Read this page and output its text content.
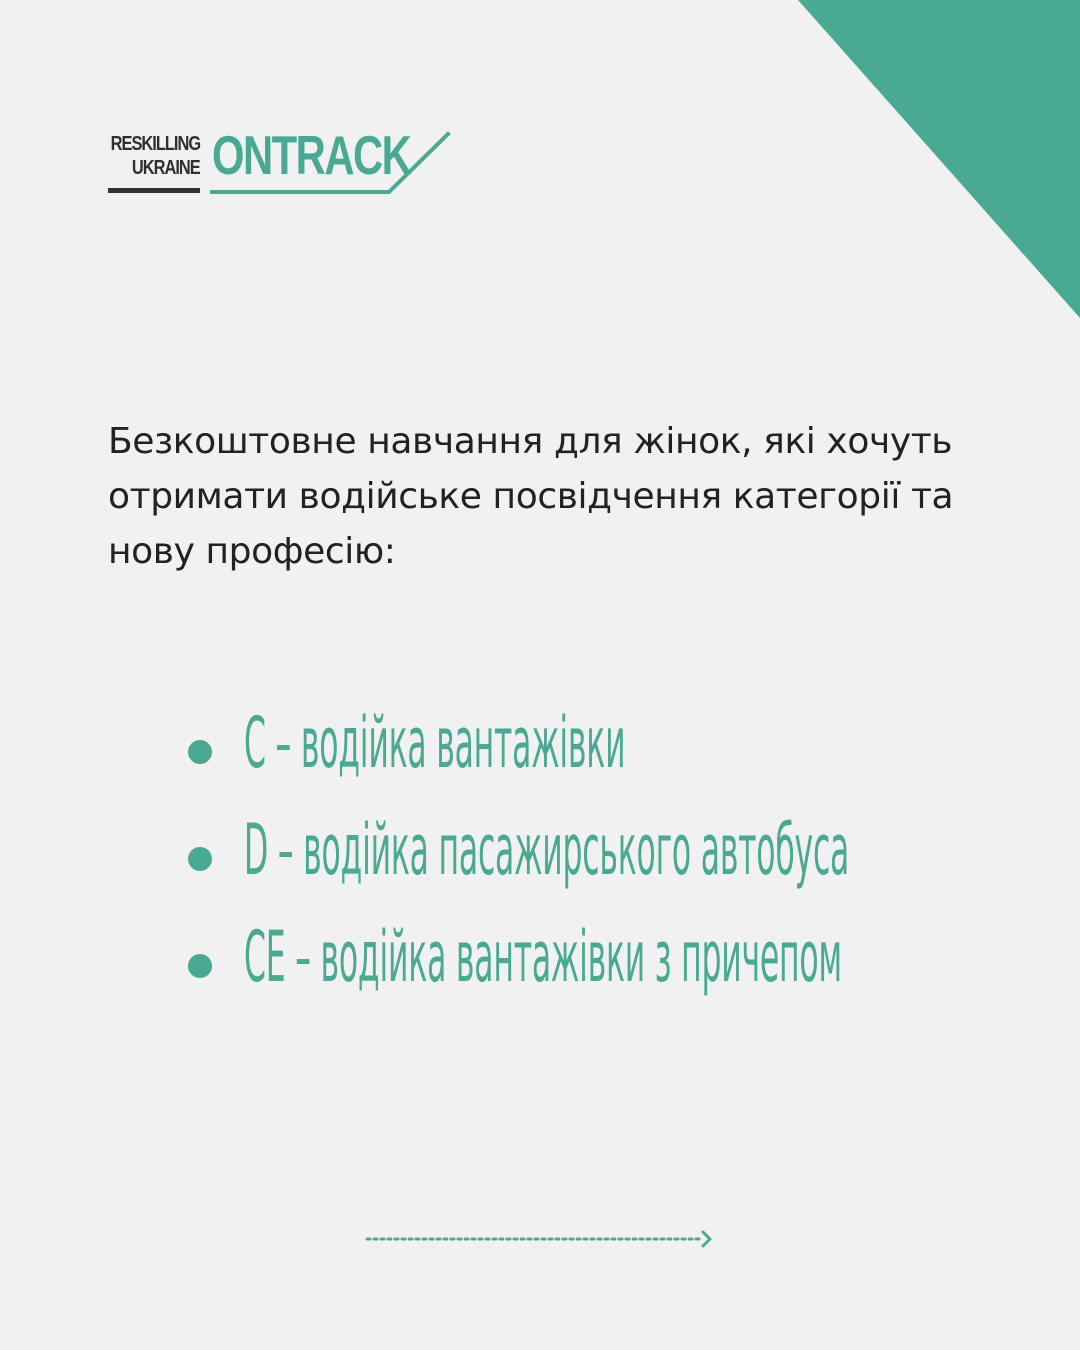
RESKILLING
UKRAINE ONTRACK
Безкоштовне навчання для жінок, які хочуть отримати водійське посвідчення категорії та нову професію:
C – водійка вантажівки
D – водійка пасажирського автобуса
CE – водійка вантажівки з причепом
